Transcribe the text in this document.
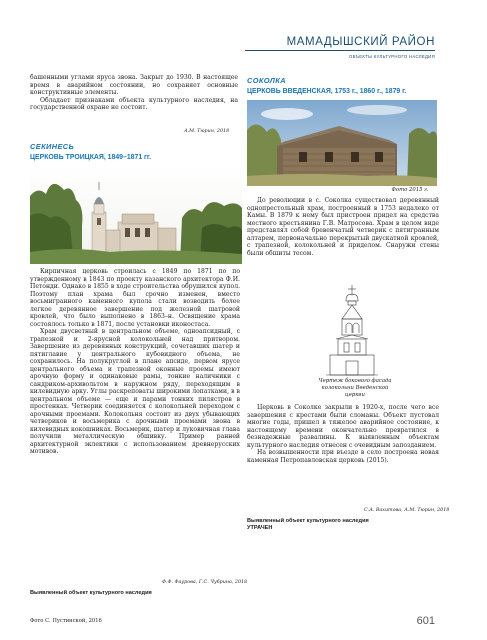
МАМАДЫШСКИЙ РАЙОН
ОБЪЕКТЫ КУЛЬТУРНОГО НАСЛЕДИЯ

башенными углами яруса звона. Закрыт до 1930. В настоящее время в аварийном состоянии, но сохраняет основные конструктивные элементы.

Обладает признаками объекта культурного наследия, на государственной охране не состоит.

А.М. Тюрин, 2018
СЕКИНЕСЬ
ЦЕРКОВЬ ТРОИЦКАЯ, 1849–1871 гг.

Кирпичная церковь строилась с 1849 по 1871 по по утвержденному в 1843 по проекту казанского архитектора Ф.И. Петонди. Однако в 1855 в ходе строительства обрушился купол. Поэтому план храма был срочно изменен, вместо восьмигранного каменного купола стали возводить более легкое деревянное завершение под железной шатровой кровлей, что было выполнено в 1863–н. Освящение храма состоялось только в 1871, после установки иконостаса.

Храм двусветный в центральном объеме, одноапсидный, с трапезной и 2-ярусной колокольней над притвором. Завершение из деревянных конструкций, сочетавших шатер и пятиглавие у центрального кубовидного объема, не сохранилось. На полукруглой в плане апсиде, первом ярусе центрального объема и трапезной оконные проемы имеют арочную форму и одинаковые рамы, тонкие наличники с сандриком-архивольтом в наружном ряду, переходящим в килевидную арку. Углы раскреповаты широкими лопатками, в в центральном объеме — еще и парами тонких пилястров в простенках. Четверик соединяется с колокольней переходом с арочными проемами. Колокольня состоит из двух убывающих четвериков и восьмерика с арочными проемами звона в килевидных кокошниках. Восьмерик, шатер и луковичная глава получили металлическую обшивку. Пример ранней архитектурной эклектики с использованием древнерусских мотивов.

Ф.Ф. Фаурова, Г.С. Чубрина, 2018
Выявленный объект культурного наследия
СОКОЛКА
ЦЕРКОВЬ ВВЕДЕНСКАЯ, 1753 г., 1860 г., 1879 г.
Фото 2015 г.

До революции в с. Соколка существовал деревянный однопрестольный храм, построенный в 1753 недалеко от Камы. В 1879 к нему был пристроен придел на средства местного крестьянина Г.В. Матросова. Храм в целом виде представлял собой бревенчатый четверик с пятигранным алтарем, первоначально перекрытый двускатной кровлей, с трапезной, колокольней и приделом. Снаружи стены были обшиты тесом.

Чертеж бокового фасада колокольни Введенской церкви

Церковь в Соколке закрыли в 1920-х, после чего все завершения с крестами были сломаны. Объект пустовал многие годы, пришел в тяжелое аварийное состояние, к настоящему времени окончательно превратился в безнадежные развалины. К выявленным объектам культурного наследия отнесен с очевидным запозданием.

На возвышенности при въезде в село построена новая каменная Петропавловская церковь (2015).

С.А. Вахитова, А.М. Тюрин, 2018
Выявленный объект культурного наследия УТРАЧЕН
Фото С. Пустинской, 2016	601
